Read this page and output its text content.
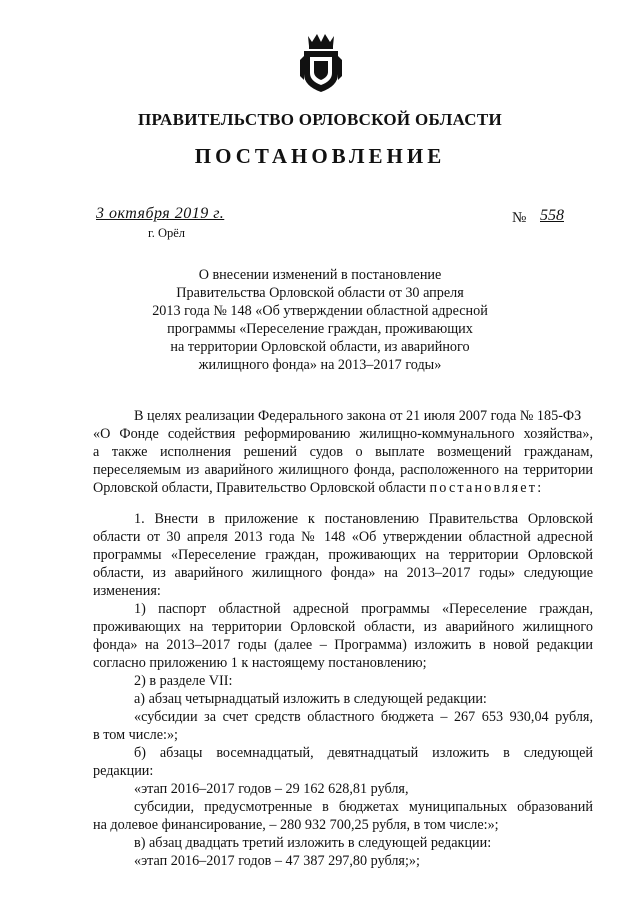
ПРАВИТЕЛЬСТВО ОРЛОВСКОЙ ОБЛАСТИ
ПОСТАНОВЛЕНИЕ
3 октября 2019 г.
г. Орёл
№ 558
О внесении изменений в постановление
Правительства Орловской области от 30 апреля
2013 года № 148 «Об утверждении областной адресной
программы «Переселение граждан, проживающих
на территории Орловской области, из аварийного
жилищного фонда» на 2013–2017 годы»
В целях реализации Федерального закона от 21 июля 2007 года № 185-ФЗ
«О Фонде содействия реформированию жилищно-коммунального хозяйства»,
а также исполнения решений судов о выплате возмещений гражданам,
переселяемым из аварийного жилищного фонда, расположенного на территории
Орловской области, Правительство Орловской области постановляет:
1. Внести в приложение к постановлению Правительства Орловской
области от 30 апреля 2013 года № 148 «Об утверждении областной адресной
программы «Переселение граждан, проживающих на территории Орловской
области, из аварийного жилищного фонда» на 2013–2017 годы» следующие
изменения:
1) паспорт областной адресной программы «Переселение граждан,
проживающих на территории Орловской области, из аварийного жилищного
фонда» на 2013–2017 годы (далее – Программа) изложить в новой редакции
согласно приложению 1 к настоящему постановлению;
2) в разделе VII:
а) абзац четырнадцатый изложить в следующей редакции:
«субсидии за счет средств областного бюджета – 267 653 930,04 рубля,
в том числе:»;
б) абзацы восемнадцатый, девятнадцатый изложить в следующей
редакции:
«этап 2016–2017 годов – 29 162 628,81 рубля,
субсидии, предусмотренные в бюджетах муниципальных образований
на долевое финансирование, – 280 932 700,25 рубля, в том числе:»;
в) абзац двадцать третий изложить в следующей редакции:
«этап 2016–2017 годов – 47 387 297,80 рубля;»;
